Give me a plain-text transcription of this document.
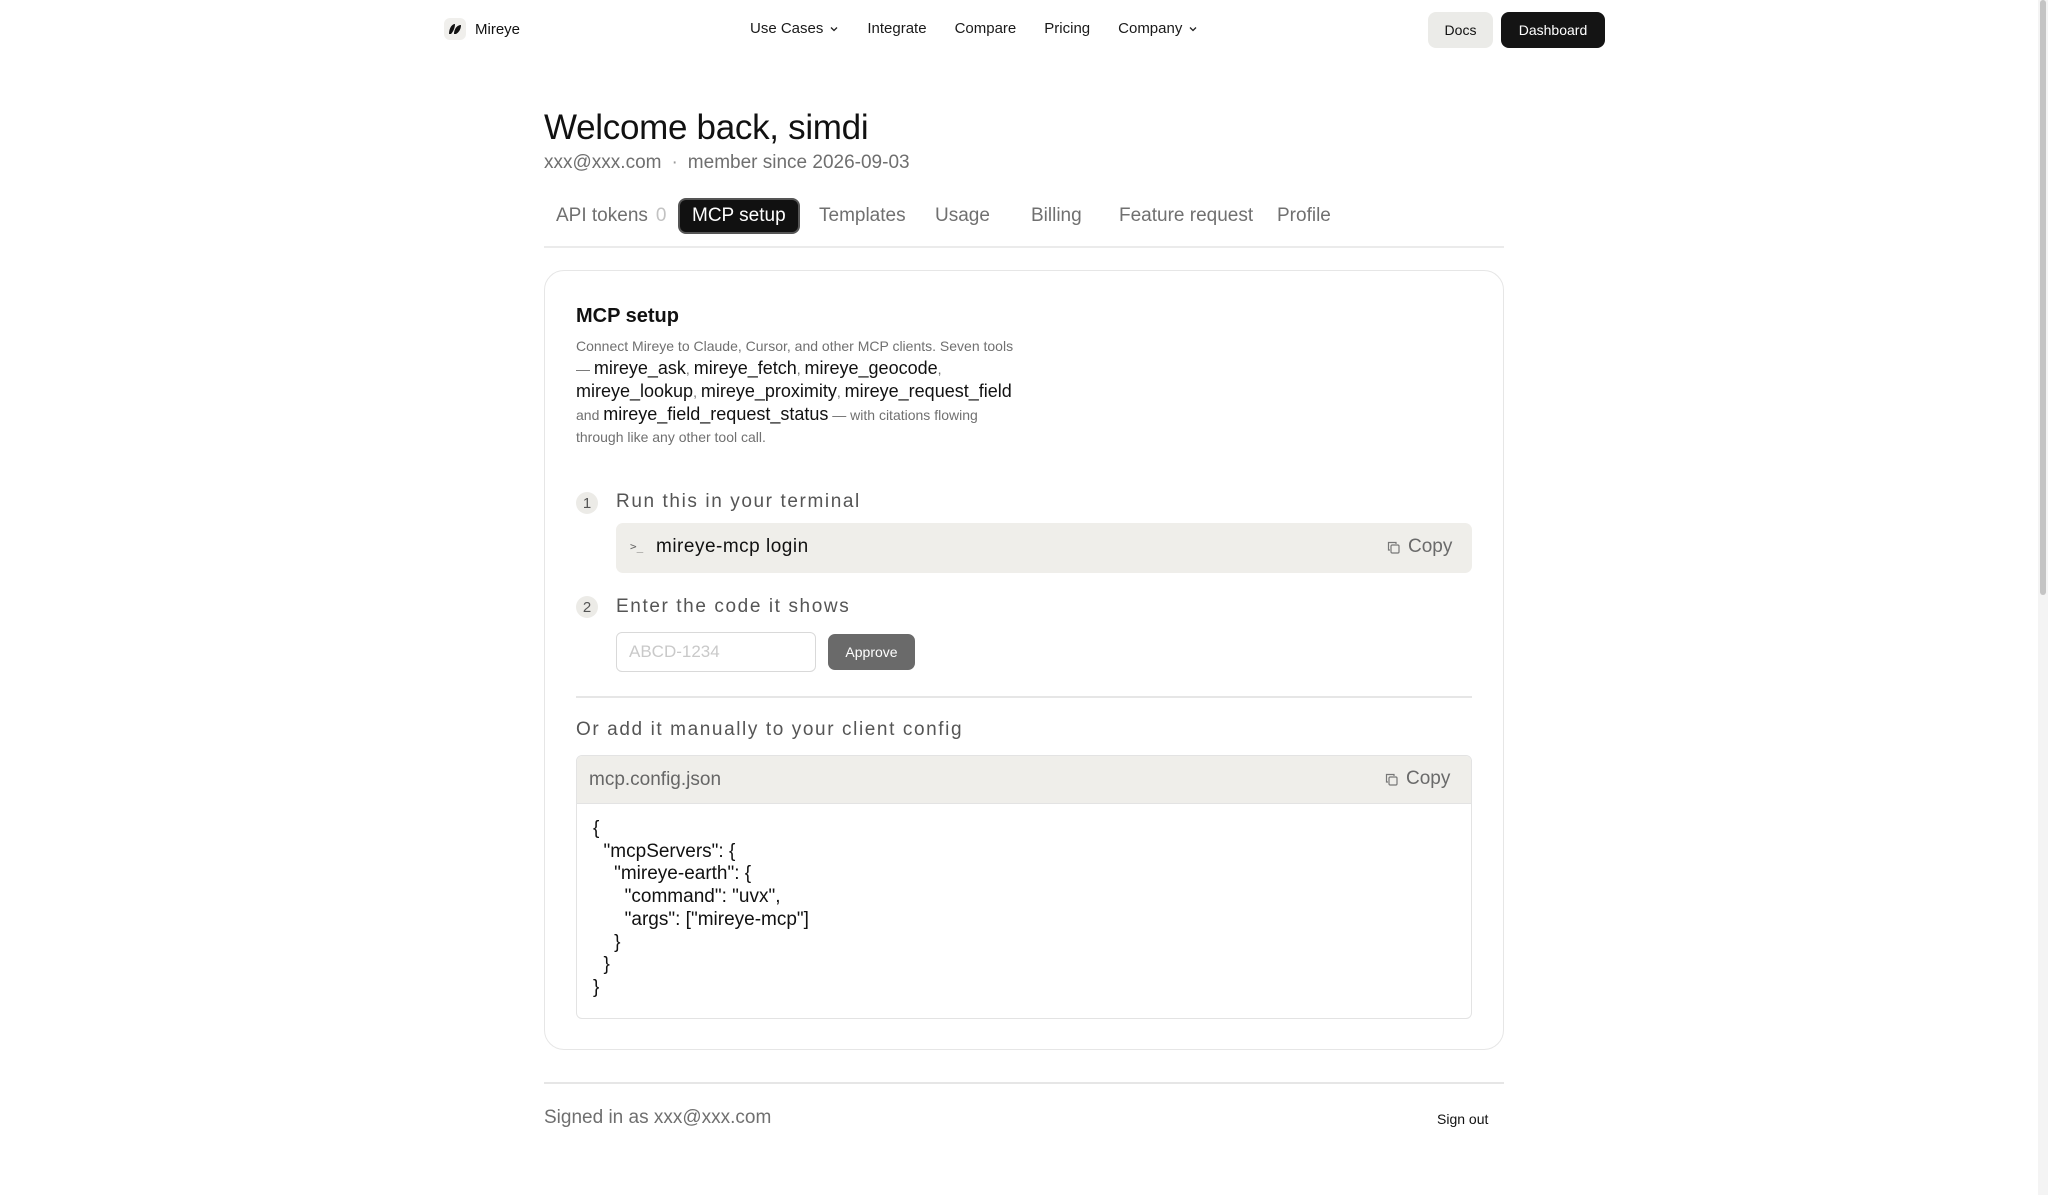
Mireye	Use Cases	Integrate Compare Pricing Company	Docs	Dashboard
Welcome back, simdi
xxx@xxx.com · member since 2026-09-03
API tokens 0	MCP setup	Templates	Usage	Billing	Feature request	Profile
MCP setup
Connect Mireye to Claude, Cursor, and other MCP clients. Seven tools — mireye_ask, mireye_fetch, mireye_geocode, mireye_lookup, mireye_proximity, mireye_request_field and mireye_field_request_status — with citations flowing through like any other tool call.
1	Run this in your terminal
>_ mireye-mcp login	Copy
2	Enter the code it shows
ABCD-1234
Approve
Or add it manually to your client config
mcp.config.json	Copy
{
"mcpServers": {
"mireye-earth": {
"command": "uvx",
"args": ["mireye-mcp"]
}
}
}
Signed in as xxx@xxx.com	Sign out
